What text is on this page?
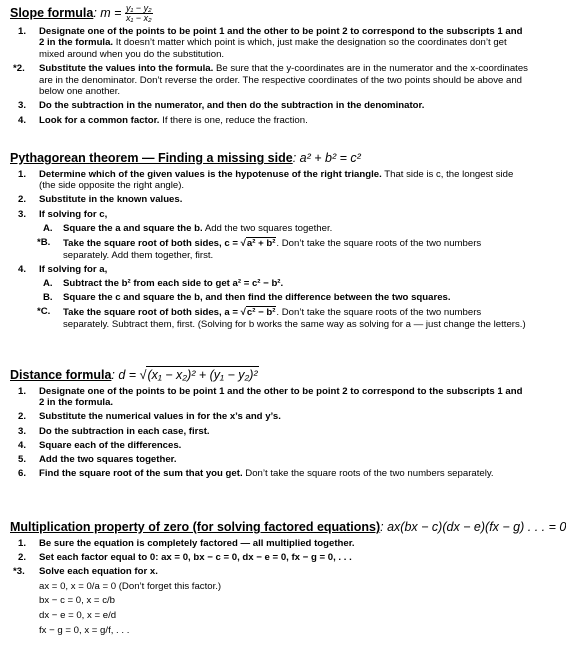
Slope formula: $m = \frac{\text{y₁ − y₂}}{\text{x₁ − x₂}}$
1. Designate one of the points to be point 1 and the other to be point 2 to correspond to the subscripts 1 and 2 in the formula. It doesn’t matter which point is which, just make the designation so the coordinates don’t get mixed around when you do the substitution.
*2. Substitute the values into the formula. Be sure that the y-coordinates are in the numerator and the x-coordinates are in the denominator. Don’t reverse the order. The respective coordinates of the two points should be above and below one another.
3. Do the subtraction in the numerator, and then do the subtraction in the denominator.
4. Look for a common factor. If there is one, reduce the fraction.
Pythagorean theorem — Finding a missing side: a² + b² = c²
1. Determine which of the given values is the hypotenuse of the right triangle. That side is c, the longest side (the side opposite the right angle).
2. Substitute in the known values.
3. If solving for c,
A. Square the a and square the b. Add the two squares together.
*B. Take the square root of both sides, c = √a² + b². Don’t take the square roots of the two numbers separately. Add them together, first.
4. If solving for a,
A. Subtract the b² from each side to get a² = c² − b².
B. Square the c and square the b, and then find the difference between the two squares.
*C. Take the square root of both sides, a = √c² − b². Don’t take the square roots of the two numbers separately. Subtract them, first. (Solving for b works the same way as solving for a — just change the letters.)
Distance formula: d = √(x₁ − x₂)² + (y₁ − y₂)²
1. Designate one of the points to be point 1 and the other to be point 2 to correspond to the subscripts 1 and 2 in the formula.
2. Substitute the numerical values in for the x’s and y’s.
3. Do the subtraction in each case, first.
4. Square each of the differences.
5. Add the two squares together.
6. Find the square root of the sum that you get. Don’t take the square roots of the two numbers separately.
Multiplication property of zero (for solving factored equations): ax(bx − c)(dx − e)(fx − g) . . . = 0
1. Be sure the equation is completely factored — all multiplied together.
2. Set each factor equal to 0: ax = 0, bx − c = 0, dx − e = 0, fx − g = 0, . . .
*3. Solve each equation for x.
ax = 0, x = 0/a = 0 (Don’t forget this factor.)
bx − c = 0, x = c/b
dx − e = 0, x = e/d
fx − g = 0, x = g/f, . . .
